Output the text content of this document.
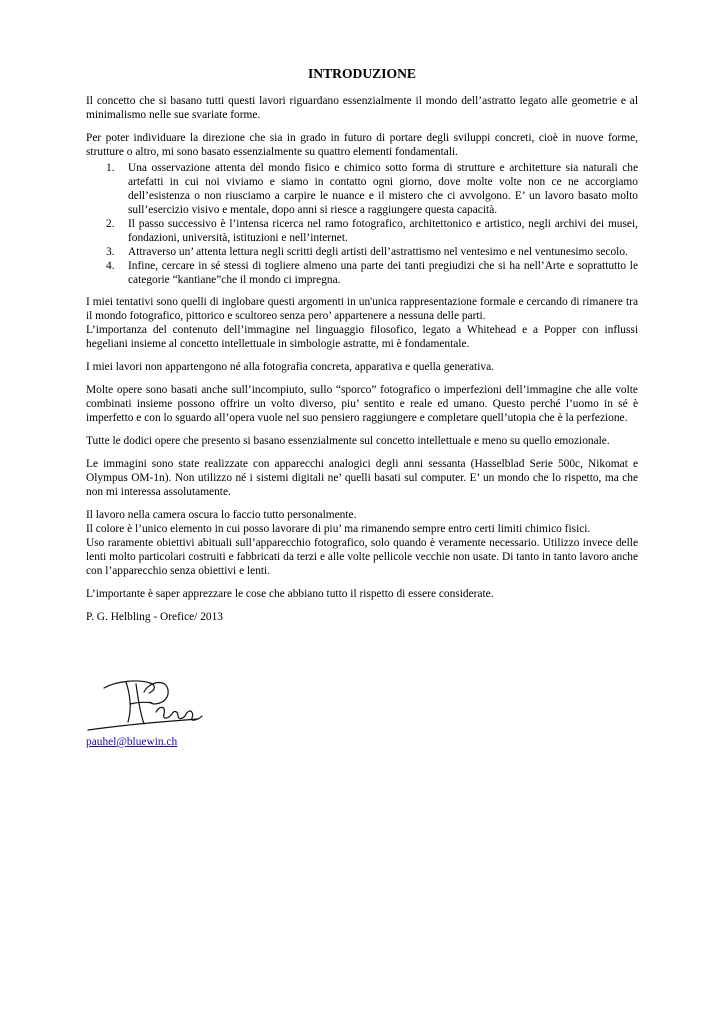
INTRODUZIONE

Il concetto che si basano tutti questi lavori riguardano essenzialmente il mondo dell’astratto legato alle geometrie e al minimalismo nelle sue svariate forme.

Per poter individuare la direzione che sia in grado in futuro di portare degli sviluppi concreti, cioè in nuove forme, strutture o altro, mi sono basato essenzialmente su quattro elementi fondamentali.

1. Una osservazione attenta del mondo fisico e chimico sotto forma di strutture e architetture sia naturali che artefatti in cui noi viviamo e siamo in contatto ogni giorno, dove molte volte non ce ne accorgiamo dell’esistenza o non riusciamo a carpire le nuance e il mistero che ci avvolgono. E’ un lavoro basato molto sull’esercizio visivo e mentale, dopo anni si riesce a raggiungere questa capacità.
2. Il passo successivo è l’intensa ricerca nel ramo fotografico, architettonico e artistico, negli archivi dei musei, fondazioni, università, istituzioni e nell’internet.
3. Attraverso un’ attenta lettura negli scritti degli artisti dell’astrattismo nel ventesimo e nel ventunesimo secolo.
4. Infine, cercare in sé stessi di togliere almeno una parte dei tanti pregiudizi che si ha nell’Arte e soprattutto le categorie “kantiane”che il mondo ci impregna.

I miei tentativi sono quelli di inglobare questi argomenti in un'unica rappresentazione formale e cercando di rimanere tra il mondo fotografico, pittorico e scultoreo senza pero’ appartenere a nessuna delle parti.

L’importanza del contenuto dell’immagine nel linguaggio filosofico, legato a Whitehead e a Popper con influssi hegeliani insieme al concetto intellettuale in simbologie astratte, mi è fondamentale.

I miei lavori non appartengono né alla fotografia concreta, apparativa e quella generativa.

Molte opere sono basati anche sull’incompiuto, sullo “sporco” fotografico o imperfezioni dell’immagine che alle volte combinati insieme possono offrire un volto diverso, piu’ sentito e reale ed umano. Questo perché l’uomo in sé è imperfetto e con lo sguardo all’opera vuole nel suo pensiero raggiungere e completare quell’utopia che è la perfezione.

Tutte le dodici opere che presento si basano essenzialmente sul concetto intellettuale e meno su quello emozionale.

Le immagini sono state realizzate con apparecchi analogici degli anni sessanta (Hasselblad Serie 500c, Nikomat e Olympus OM-1n). Non utilizzo né i sistemi digitali ne’ quelli basati sul computer. E’ un mondo che lo rispetto, ma che non mi interessa assolutamente.

Il lavoro nella camera oscura lo faccio tutto personalmente.

Il colore è l’unico elemento in cui posso lavorare di piu’ ma rimanendo sempre entro certi limiti chimico fisici.

Uso raramente obiettivi abituali sull’apparecchio fotografico, solo quando è veramente necessario. Utilizzo invece delle lenti molto particolari costruiti e fabbricati da terzi e alle volte pellicole vecchie non usate. Di tanto in tanto lavoro anche con l’apparecchio senza obiettivi e lenti.

L’importante è saper apprezzare le cose che abbiano tutto il rispetto di essere considerate.

P. G. Helbling - Orefice/ 2013

pauhel@bluewin.ch
